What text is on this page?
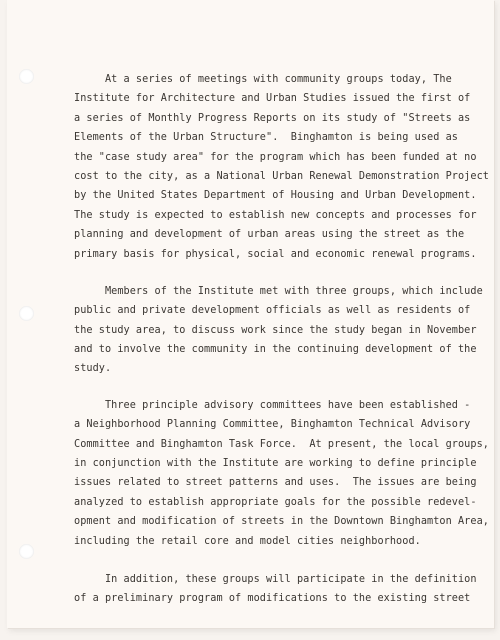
At a series of meetings with community groups today, The
Institute for Architecture and Urban Studies issued the first of
a series of Monthly Progress Reports on its study of "Streets as
Elements of the Urban Structure".  Binghamton is being used as
the "case study area" for the program which has been funded at no
cost to the city, as a National Urban Renewal Demonstration Project
by the United States Department of Housing and Urban Development.
The study is expected to establish new concepts and processes for
planning and development of urban areas using the street as the
primary basis for physical, social and economic renewal programs.
Members of the Institute met with three groups, which include
public and private development officials as well as residents of
the study area, to discuss work since the study began in November
and to involve the community in the continuing development of the
study.
Three principle advisory committees have been established -
a Neighborhood Planning Committee, Binghamton Technical Advisory
Committee and Binghamton Task Force.  At present, the local groups,
in conjunction with the Institute are working to define principle
issues related to street patterns and uses.  The issues are being
analyzed to establish appropriate goals for the possible redevel-
opment and modification of streets in the Downtown Binghamton Area,
including the retail core and model cities neighborhood.
In addition, these groups will participate in the definition
of a preliminary program of modifications to the existing street
